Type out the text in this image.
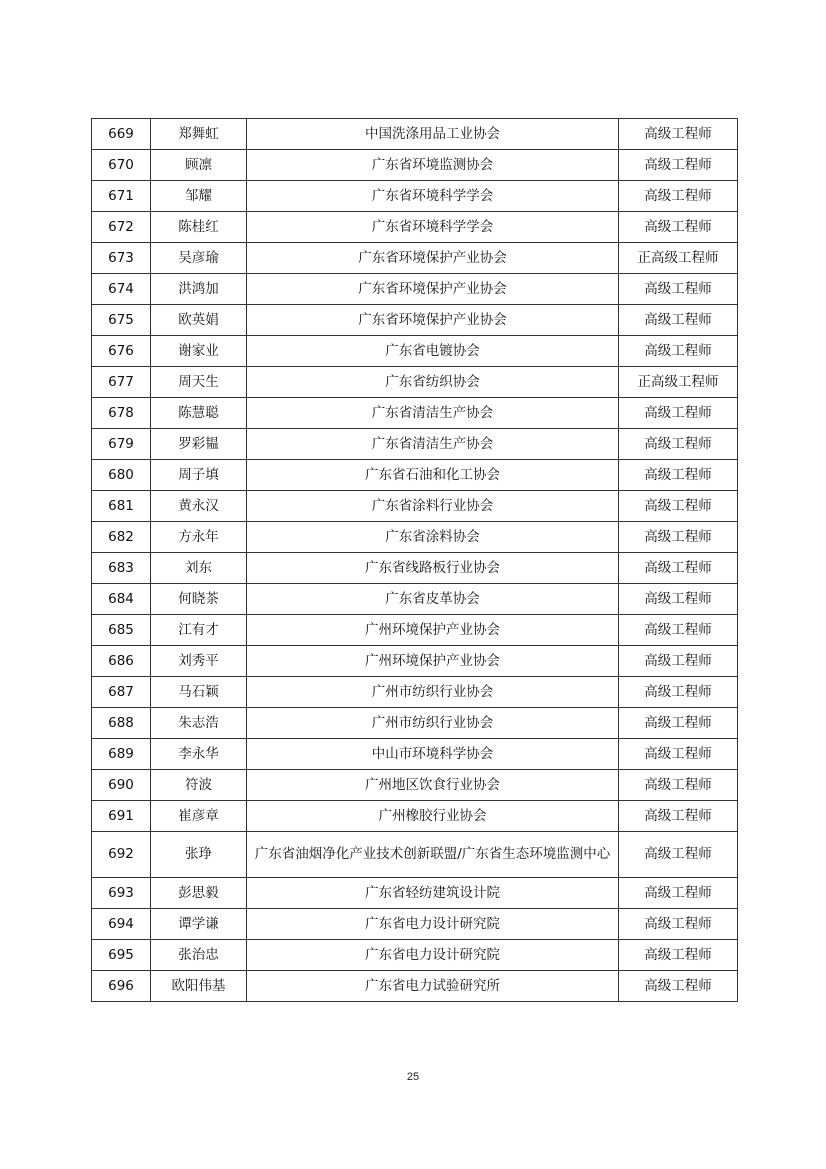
669	郑舞虹	中国洗涤用品工业协会	高级工程师
670	顾凛	广东省环境监测协会	高级工程师
671	邹耀	广东省环境科学学会	高级工程师
672	陈桂红	广东省环境科学学会	高级工程师
673	吴彦瑜	广东省环境保护产业协会	正高级工程师
674	洪鸿加	广东省环境保护产业协会	高级工程师
675	欧英娟	广东省环境保护产业协会	高级工程师
676	谢家业	广东省电镀协会	高级工程师
677	周天生	广东省纺织协会	正高级工程师
678	陈慧聪	广东省清洁生产协会	高级工程师
679	罗彩韫	广东省清洁生产协会	高级工程师
680	周子填	广东省石油和化工协会	高级工程师
681	黄永汉	广东省涂料行业协会	高级工程师
682	方永年	广东省涂料协会	高级工程师
683	刘东	广东省线路板行业协会	高级工程师
684	何晓茶	广东省皮革协会	高级工程师
685	江有才	广州环境保护产业协会	高级工程师
686	刘秀平	广州环境保护产业协会	高级工程师
687	马石颖	广州市纺织行业协会	高级工程师
688	朱志浩	广州市纺织行业协会	高级工程师
689	李永华	中山市环境科学协会	高级工程师
690	符波	广州地区饮食行业协会	高级工程师
691	崔彦章	广州橡胶行业协会	高级工程师
692	张琤	广东省油烟净化产业技术创新联盟/广东省生态环境监测中心	高级工程师
693	彭思毅	广东省轻纺建筑设计院	高级工程师
694	谭学谦	广东省电力设计研究院	高级工程师
695	张治忠	广东省电力设计研究院	高级工程师
696	欧阳伟基	广东省电力试验研究所	高级工程师
25
